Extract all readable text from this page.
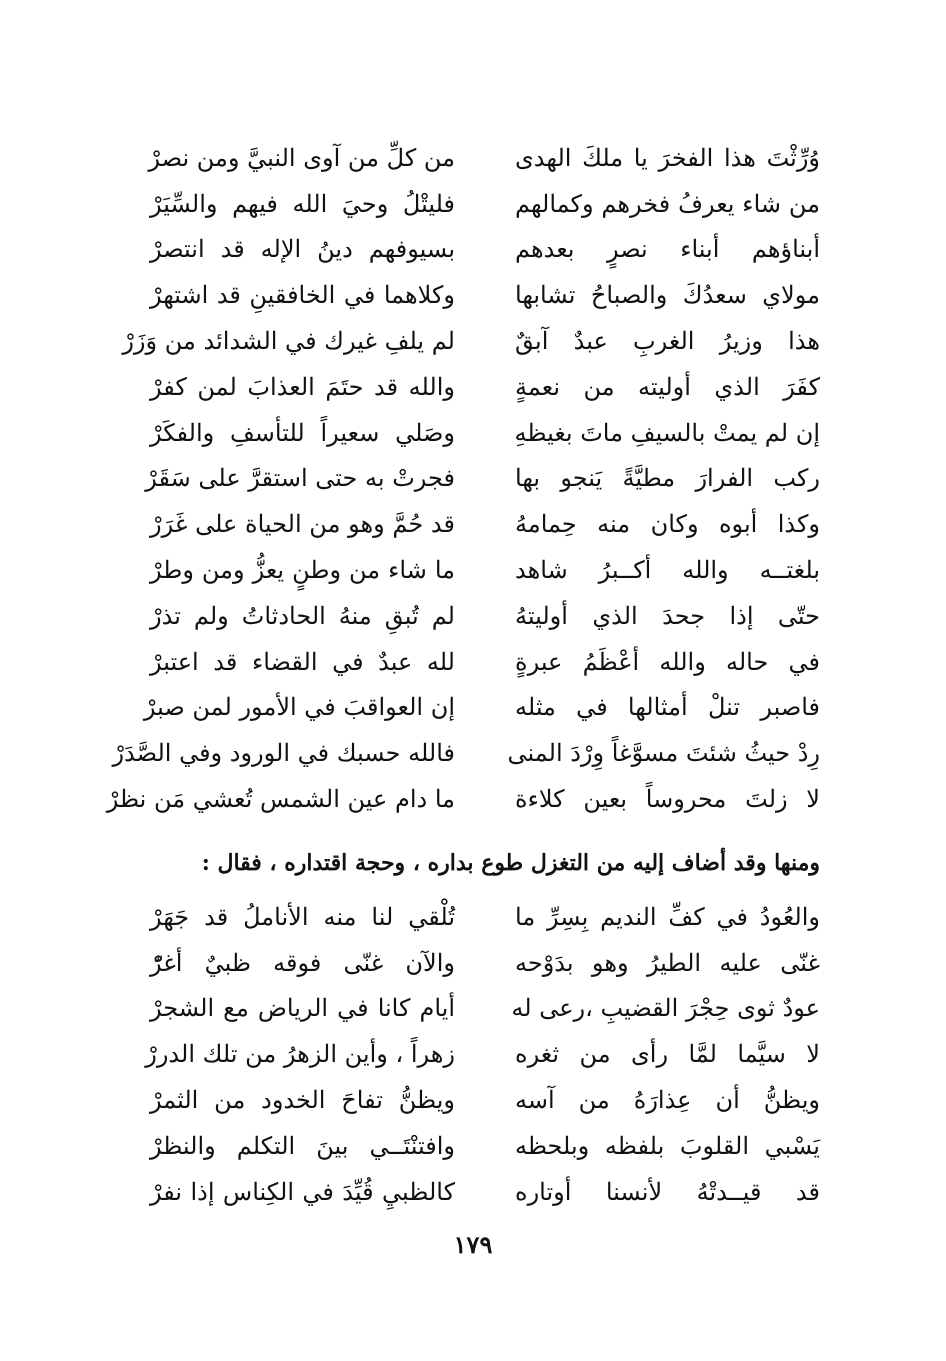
وُرِّثْتَ هذا الفخرَ يا ملكَ الهدى
من كلِّ من آوى النبيَّ ومن نصرْ
من شاء يعرفُ فخرهم وكمالهم
فليتْلُ وحيَ الله فيهم والسِّيَرْ
أبناؤهم أبناء نصرٍ بعدهم
بسيوفهم دينُ الإله قد انتصرْ
مولاي سعدُكَ والصباحُ تشابها
وكلاهما في الخافقينِ قد اشتهرْ
هذا وزيرُ الغربِ عبدٌ آبقٌ
لم يلفِ غيرك في الشدائد من وَزَرْ
كفَرَ الذي أوليته من نعمةٍ
والله قد حتَمَ العذابَ لمن كفرْ
إن لم يمتْ بالسيفِ ماتَ بغيظهِ
وصَلي سعيراً للتأسفِ والفكَرْ
ركب الفرارَ مطيَّةً يَنجو بها
فجرتْ به حتى استقرَّ على سَقَرْ
وكذا أبوه وكان منه حِمامهُ
قد حُمَّ وهو من الحياة على غَرَرْ
بلغتــه والله أكــبرُ شاهد
ما شاء من وطنٍ يعزُّ ومن وطرْ
حتّى إذا جحدَ الذي أوليتهُ
لم تُبقِ منهُ الحادثاتُ ولم تذرْ
في حاله والله أعْظَمُ عبرةٍ
لله عبدٌ في القضاء قد اعتبرْ
فاصبر تنلْ أمثالها في مثله
إن العواقبَ في الأمور لمن صبرْ
رِدْ حيثُ شئتَ مسوَّغاً وِرْدَ المنى
فالله حسبك في الورود وفي الصَّدَرْ
لا زلتَ محروساً بعين كلاءة
ما دام عين الشمس تُعشي مَن نظرْ
ومنها وقد أضاف إليه من التغزل طوع بداره ، وحجة اقتداره ، فقال :
والعُودُ في كفِّ النديم بِسِرِّ ما
تُلْقي لنا منه الأناملُ قد جَهَرْ
غنّى عليه الطيرُ وهو بدَوْحه
والآن غنّى فوقه ظبيٌ أغرّْ
عودٌ ثوى حِجْرَ القضيبِ ،رعى له
أيام كانا في الرياض مع الشجرْ
لا سيَّما لمَّا رأى من ثغره
زهراً ، وأين الزهرُ من تلك الدررْ
ويظنُّ أن عِذارَهُ من آسه
ويظنُّ تفاحَ الخدود من الثمرْ
يَسْبي القلوبَ بلفظه وبلحظه
وافتنْتَــي بينَ التكلم والنظرْ
قد قيــدتْهُ لأنسنا أوتاره
كالظبيِ قُيِّدَ في الكِناس إذا نفرْ
١٧٩
